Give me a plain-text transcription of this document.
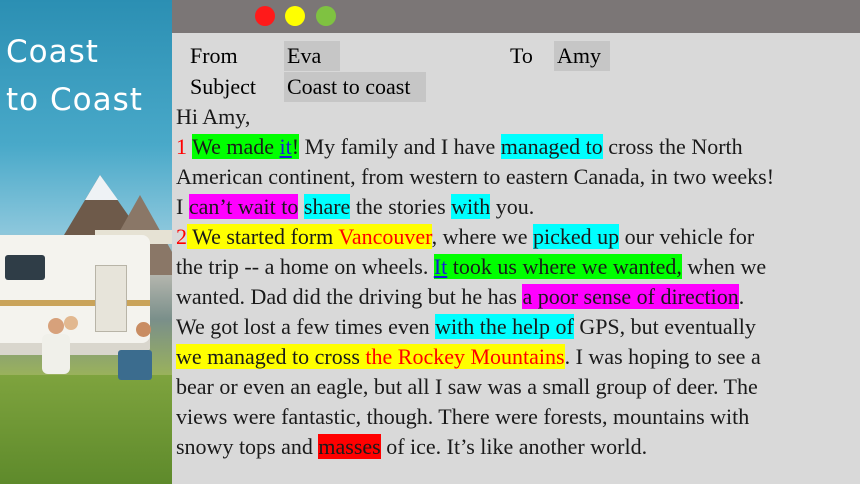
Coast
to Coast
From Eva	To Amy
Subject Coast to coast
Hi Amy,
1 We made it! My family and I have managed to cross the North
American continent, from western to eastern Canada, in two weeks!
I can’t wait to share the stories with you.
2 We started form Vancouver, where we picked up our vehicle for
the trip -- a home on wheels. It took us where we wanted, when we
wanted. Dad did the driving but he has a poor sense of direction.
We got lost a few times even with the help of GPS, but eventually
we managed to cross the Rockey Mountains. I was hoping to see a
bear or even an eagle, but all I saw was a small group of deer. The
views were fantastic, though. There were forests, mountains with
snowy tops and masses of ice. It’s like another world.
